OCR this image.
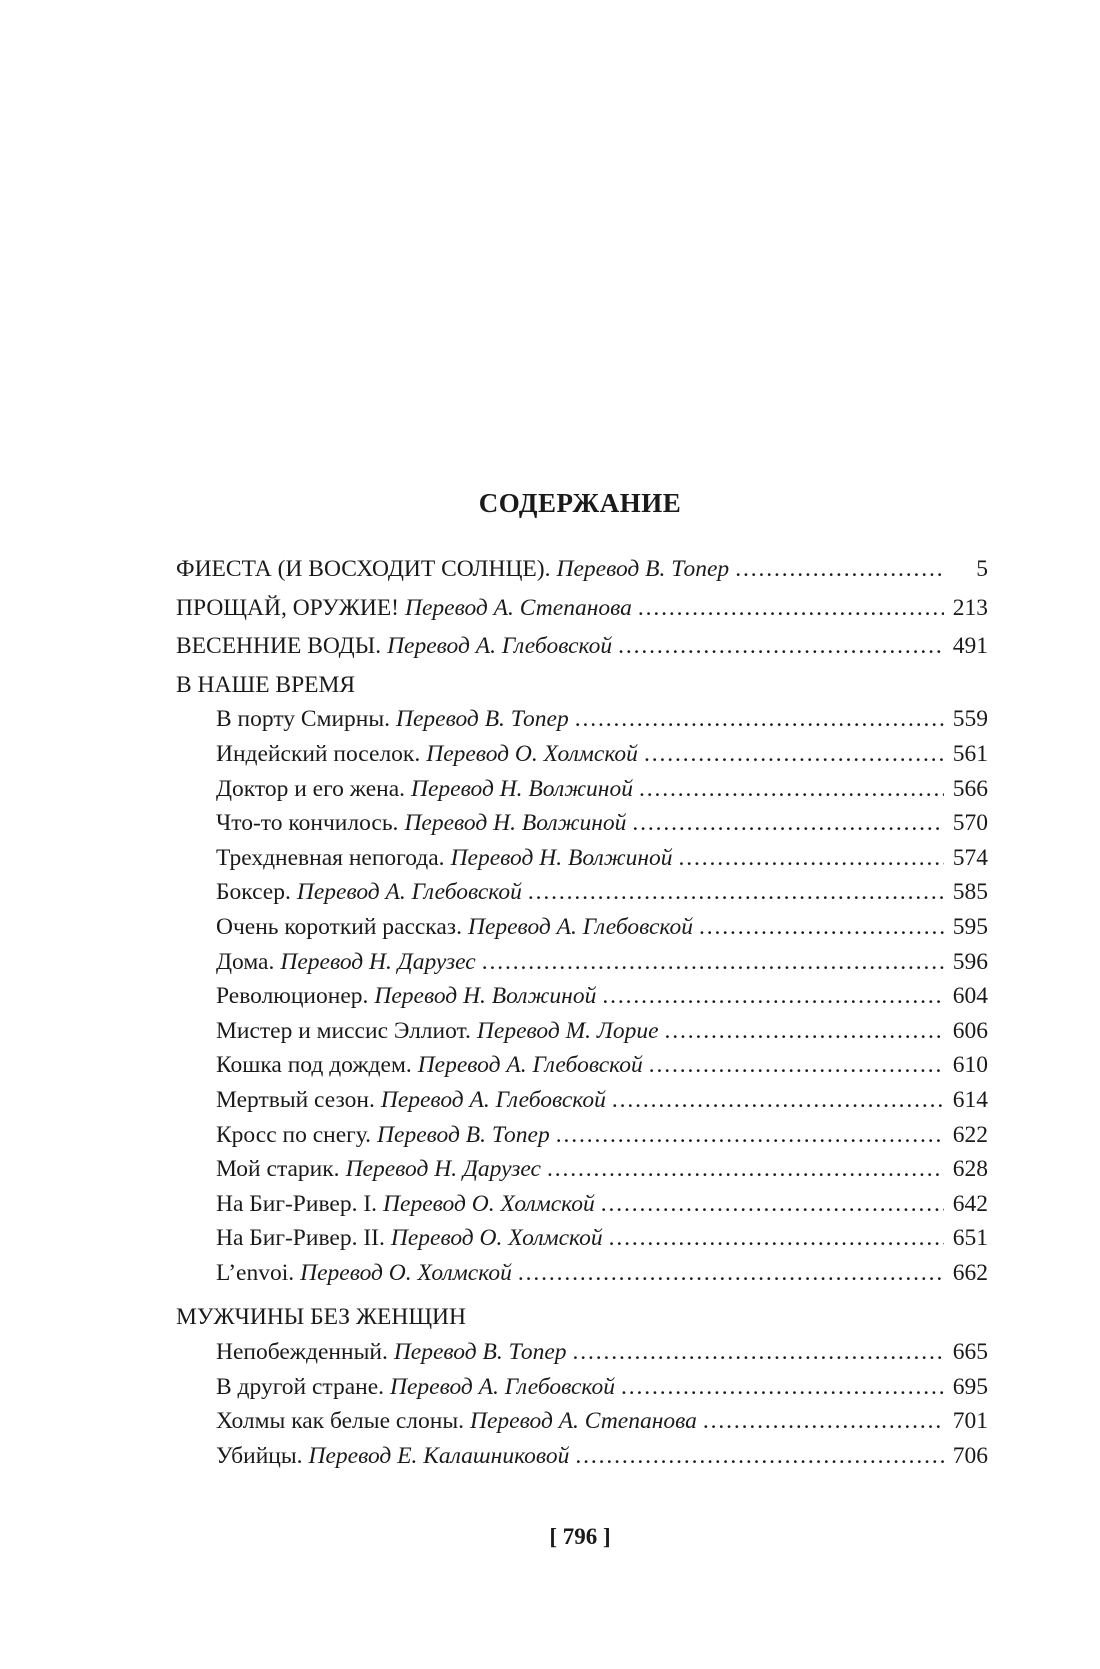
СОДЕРЖАНИЕ
ФИЕСТА (И ВОСХОДИТ СОЛНЦЕ). Перевод В. Топер . . .	5
ПРОЩАЙ, ОРУЖИЕ! Перевод А. Степанова . . .	213
ВЕСЕННИЕ ВОДЫ. Перевод А. Глебовской . . .	491
В НАШЕ ВРЕМЯ
В порту Смирны. Перевод В. Топер . . .	559
Индейский поселок. Перевод О. Холмской . . .	561
Доктор и его жена. Перевод Н. Волжиной . . .	566
Что-то кончилось. Перевод Н. Волжиной . . .	570
Трехдневная непогода. Перевод Н. Волжиной . . .	574
Боксер. Перевод А. Глебовской . . .	585
Очень короткий рассказ. Перевод А. Глебовской . . .	595
Дома. Перевод Н. Дарузес . . .	596
Революционер. Перевод Н. Волжиной . . .	604
Мистер и миссис Эллиот. Перевод М. Лорие . . .	606
Кошка под дождем. Перевод А. Глебовской . . .	610
Мертвый сезон. Перевод А. Глебовской . . .	614
Кросс по снегу. Перевод В. Топер . . .	622
Мой старик. Перевод Н. Дарузес . . .	628
На Биг-Ривер. I. Перевод О. Холмской . . .	642
На Биг-Ривер. II. Перевод О. Холмской . . .	651
L’envoi. Перевод О. Холмской . . .	662
МУЖЧИНЫ БЕЗ ЖЕНЩИН
Непобежденный. Перевод В. Топер . . .	665
В другой стране. Перевод А. Глебовской . . .	695
Холмы как белые слоны. Перевод А. Степанова . . .	701
Убийцы. Перевод Е. Калашниковой . . .	706
[ 796 ]
